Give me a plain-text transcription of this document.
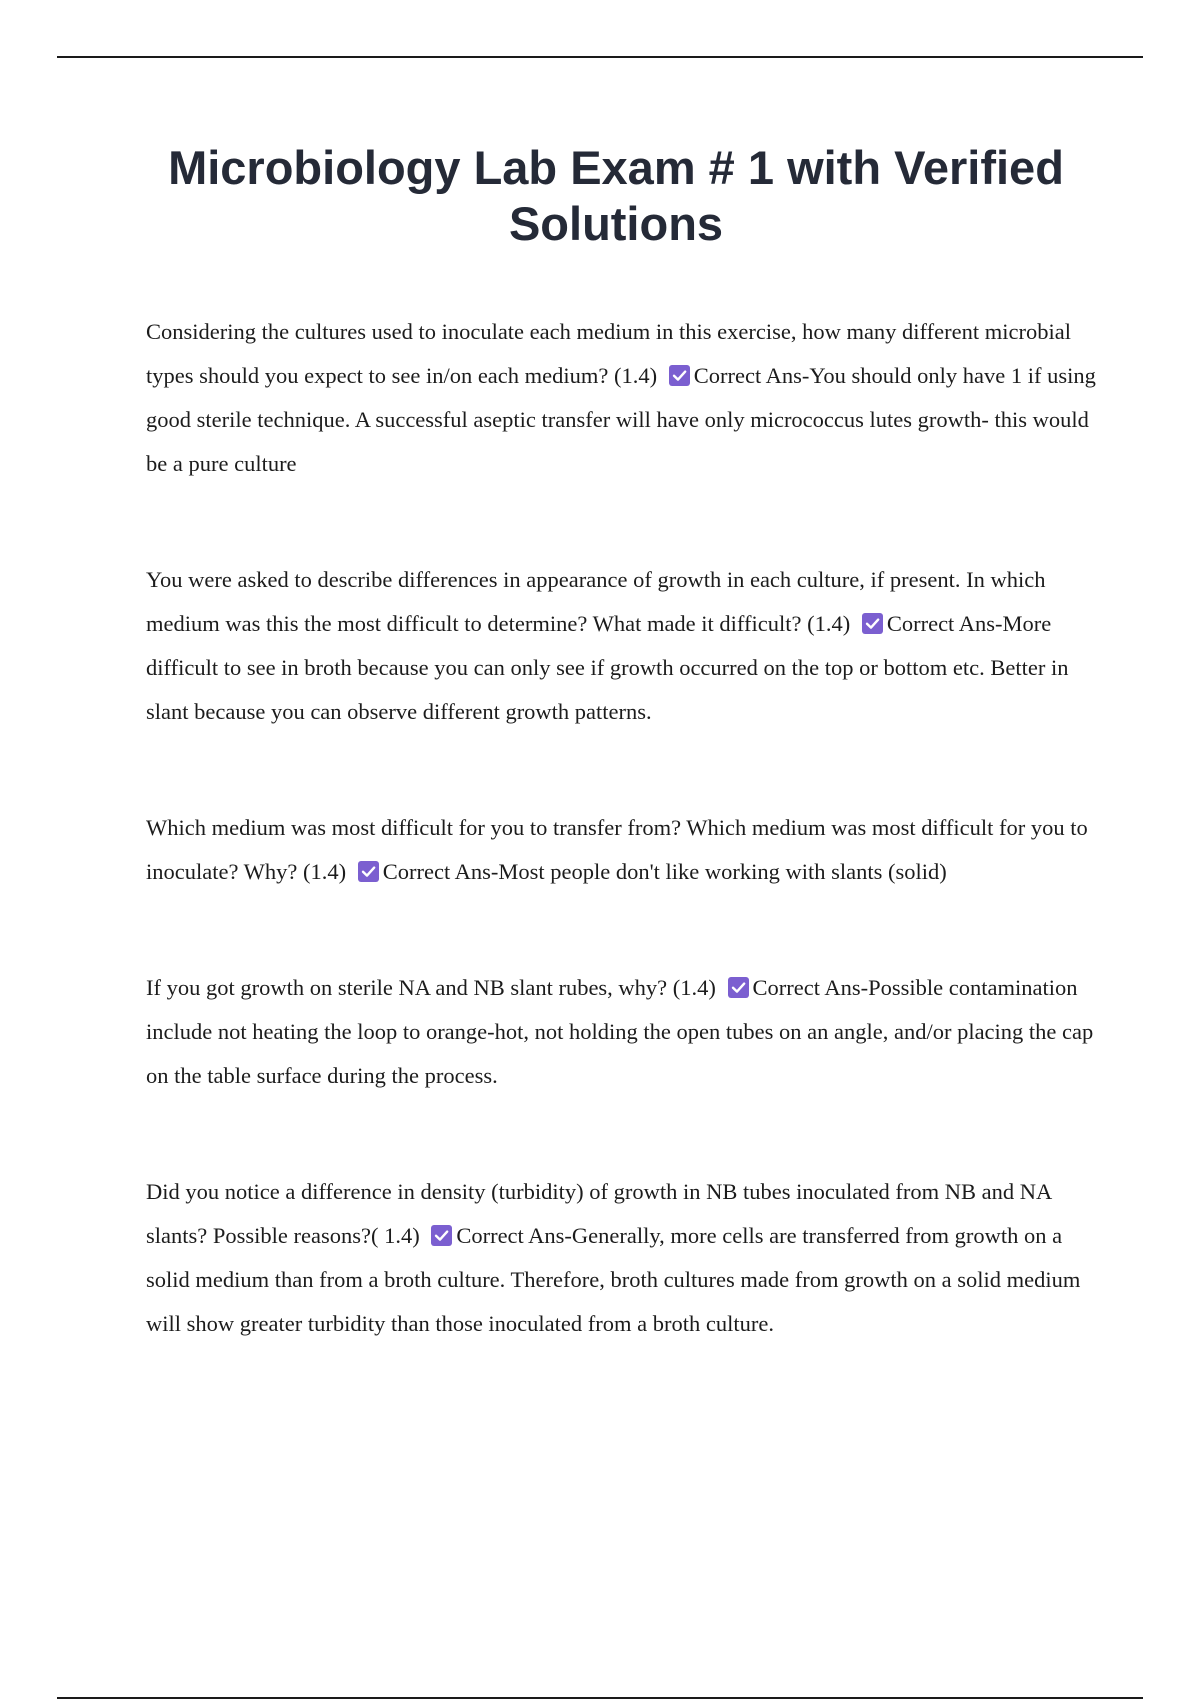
Microbiology Lab Exam # 1 with Verified Solutions

Considering the cultures used to inoculate each medium in this exercise, how many different microbial types should you expect to see in/on each medium? (1.4) Correct Ans-You should only have 1 if using good sterile technique. A successful aseptic transfer will have only micrococcus lutes growth- this would be a pure culture

You were asked to describe differences in appearance of growth in each culture, if present. In which medium was this the most difficult to determine? What made it difficult? (1.4) Correct Ans-More difficult to see in broth because you can only see if growth occurred on the top or bottom etc. Better in slant because you can observe different growth patterns.

Which medium was most difficult for you to transfer from? Which medium was most difficult for you to inoculate? Why? (1.4) Correct Ans-Most people don't like working with slants (solid)

If you got growth on sterile NA and NB slant rubes, why? (1.4) Correct Ans-Possible contamination include not heating the loop to orange-hot, not holding the open tubes on an angle, and/or placing the cap on the table surface during the process.

Did you notice a difference in density (turbidity) of growth in NB tubes inoculated from NB and NA slants? Possible reasons?( 1.4) Correct Ans-Generally, more cells are transferred from growth on a solid medium than from a broth culture. Therefore, broth cultures made from growth on a solid medium will show greater turbidity than those inoculated from a broth culture.
